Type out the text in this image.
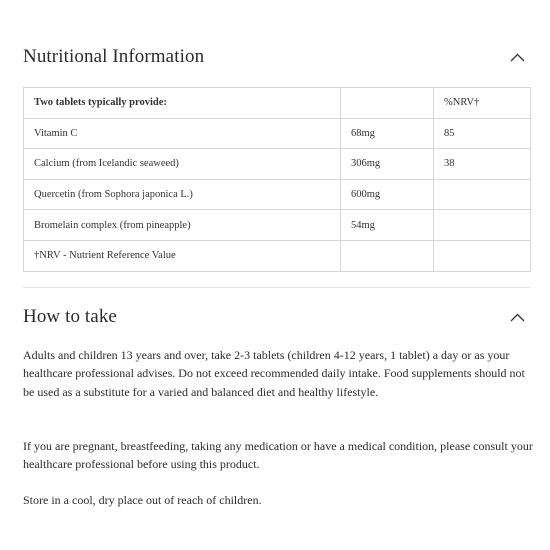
Nutritional Information
Two tablets typically provide:		%NRV†
Vitamin C	68mg	85
Calcium (from Icelandic seaweed)	306mg	38
Quercetin (from Sophora japonica L.)	600mg	
Bromelain complex (from pineapple)	54mg	
†NRV - Nutrient Reference Value		
How to take

Adults and children 13 years and over, take 2-3 tablets (children 4-12 years, 1 tablet) a day or as your healthcare professional advises. Do not exceed recommended daily intake. Food supplements should not be used as a substitute for a varied and balanced diet and healthy lifestyle.

If you are pregnant, breastfeeding, taking any medication or have a medical condition, please consult your healthcare professional before using this product.

Store in a cool, dry place out of reach of children.
